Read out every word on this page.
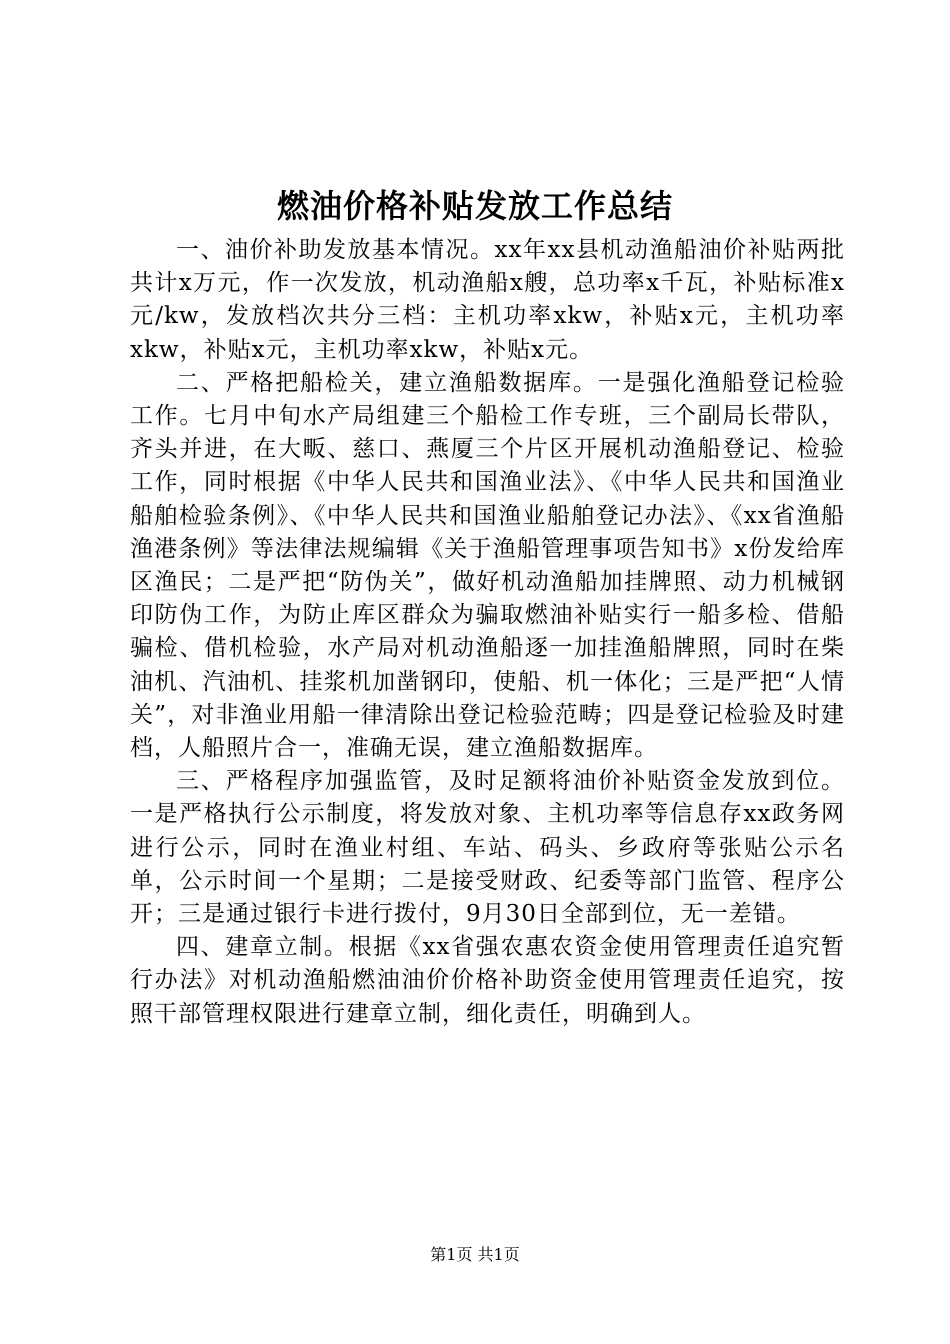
燃油价格补贴发放工作总结

一、油价补助发放基本情况。xx年xx县机动渔船油价补贴两批共计x万元，作一次发放，机动渔船x艘，总功率x千瓦，补贴标准x元/kw，发放档次共分三档：主机功率xkw，补贴x元，主机功率xkw，补贴x元，主机功率xkw，补贴x元。

二、严格把船检关，建立渔船数据库。一是强化渔船登记检验工作。七月中旬水产局组建三个船检工作专班，三个副局长带队，齐头并进，在大畈、慈口、燕厦三个片区开展机动渔船登记、检验工作，同时根据《中华人民共和国渔业法》、《中华人民共和国渔业船舶检验条例》、《中华人民共和国渔业船舶登记办法》、《xx省渔船渔港条例》等法律法规编辑《关于渔船管理事项告知书》x份发给库区渔民；二是严把“防伪关”，做好机动渔船加挂牌照、动力机械钢印防伪工作，为防止库区群众为骗取燃油补贴实行一船多检、借船骗检、借机检验，水产局对机动渔船逐一加挂渔船牌照，同时在柴油机、汽油机、挂浆机加凿钢印，使船、机一体化；三是严把“人情关”，对非渔业用船一律清除出登记检验范畴；四是登记检验及时建档，人船照片合一，准确无误，建立渔船数据库。

三、严格程序加强监管，及时足额将油价补贴资金发放到位。一是严格执行公示制度，将发放对象、主机功率等信息存xx政务网进行公示，同时在渔业村组、车站、码头、乡政府等张贴公示名单，公示时间一个星期；二是接受财政、纪委等部门监管、程序公开；三是通过银行卡进行拨付，9月30日全部到位，无一差错。

四、建章立制。根据《xx省强农惠农资金使用管理责任追究暂行办法》对机动渔船燃油油价价格补助资金使用管理责任追究，按照干部管理权限进行建章立制，细化责任，明确到人。

第1页 共1页
